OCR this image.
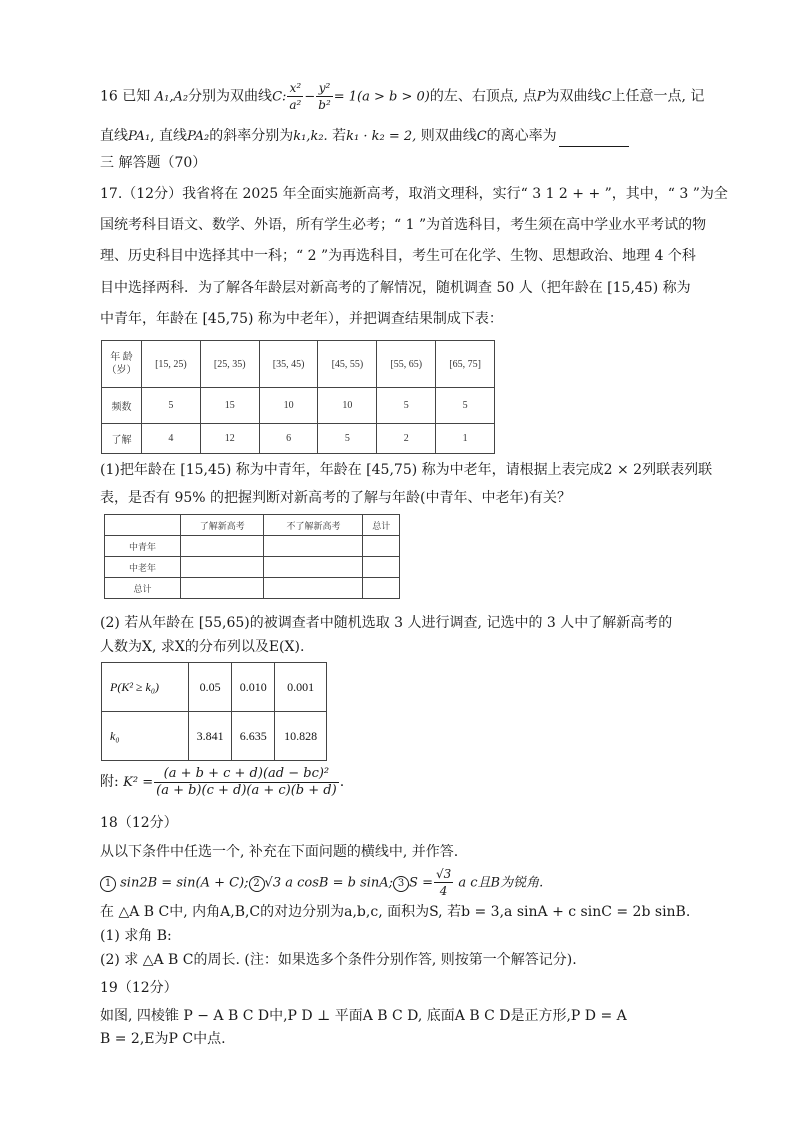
16 已知 A₁,A₂分别为双曲线C: $\frac{\text{x²}}{\text{a²}} - \frac{\text{y²}}{\text{b²}} = 1(a > b > 0)$的左、右顶点, 点P为双曲线C上任意一点, 记
直线PA₁, 直线PA₂的斜率分别为k₁,k₂. 若k₁ · k₂ = 2, 则双曲线C的离心率为
三 解答题（70）
17.（12分）我省将在 2025 年全面实施新高考，取消文理科，实行“ 3 1 2 + + ”，其中，“ 3 ”为全
国统考科目语文、数学、外语，所有学生必考；“ 1 ”为首选科目，考生须在高中学业水平考试的物
理、历史科目中选择其中一科；“ 2 ”为再选科目，考生可在化学、生物、思想政治、地理 4 个科
目中选择两科．为了解各年龄层对新高考的了解情况，随机调查 50 人（把年龄在 [15,45) 称为
中青年，年龄在 [45,75) 称为中老年），并把调查结果制成下表：
年 龄
（岁）	[15, 25)	[25, 35)	[35, 45)	[45, 55)	[55, 65)	[65, 75]
频数	5	15	10	10	5	5
了解	4	12	6	5	2	1
(1)把年龄在 [15,45) 称为中青年，年龄在 [45,75) 称为中老年，请根据上表完成2 × 2列联表列联
表，是否有 95% 的把握判断对新高考的了解与年龄(中青年、中老年)有关？
	了解新高考	不了解新高考	总计
中青年			
中老年			
总计			
(2) 若从年龄在 [55,65)的被调查者中随机选取 3 人进行调查, 记选中的 3 人中了解新高考的
人数为X, 求X的分布列以及E(X).
P(K² ≥ k₀)	0.05	0.010	0.001
k₀	3.841	6.635	10.828
附: $K^2 = \frac{\text{(a + b + c + d)(ad − bc)²}}{(a + b)(c + d)(a + c)(b + d)}$ .
18（12分）
从以下条件中任选一个, 补充在下面问题的横线中, 并作答.
1 sin2B = sin(A + C); 2 √3 a cosB = b sinA; 3 $S = \frac{√3}{4}$ a c且B为锐角.
在 △A B C中, 内角A,B,C的对边分别为a,b,c, 面积为S, 若b = 3,a sinA + c sinC = 2b sinB.
(1) 求角 B:
(2) 求 △A B C的周长. (注：如果选多个条件分别作答, 则按第一个解答记分).
19（12分）
如图, 四棱锥 P − A B C D中,P D ⊥ 平面A B C D, 底面A B C D是正方形,P D = A
B = 2,E为P C中点.
